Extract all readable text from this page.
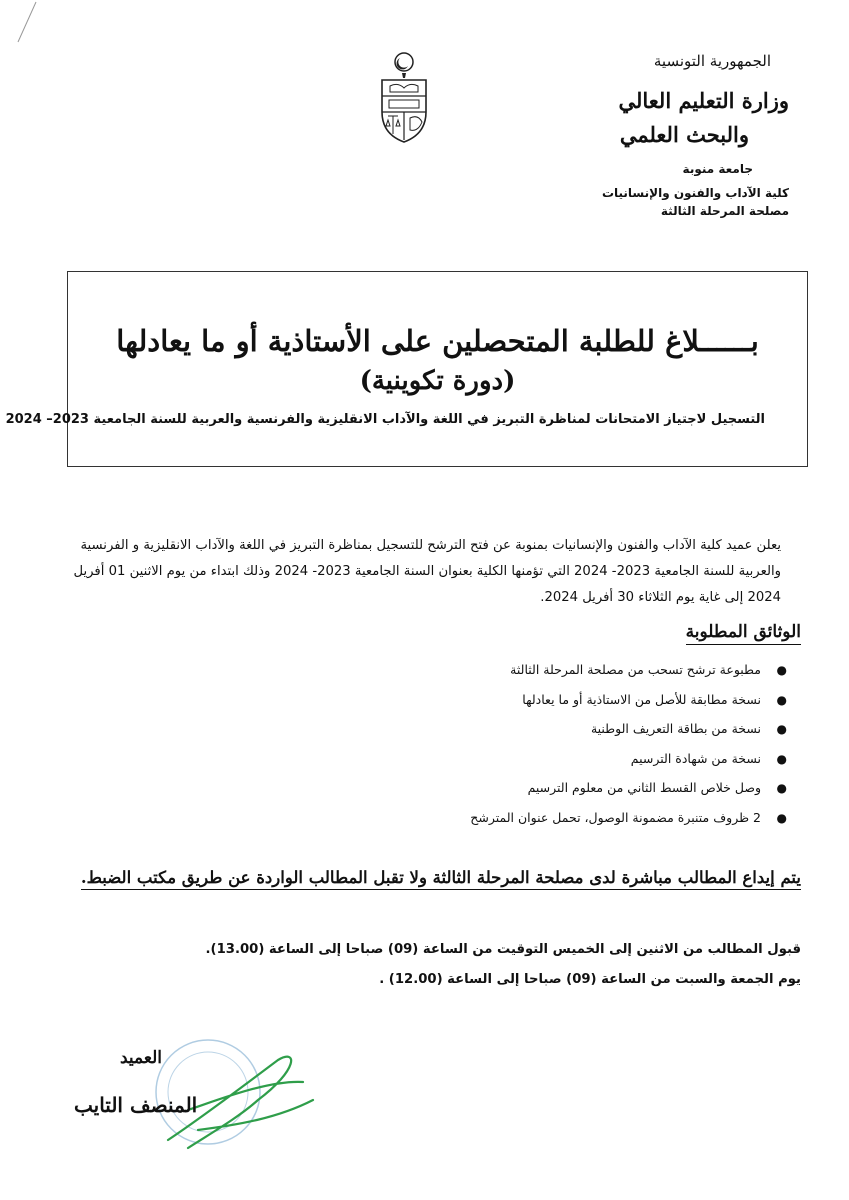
الجمهورية التونسية
وزارة التعليم العالي
والبحث العلمي
جامعة منوبة
كلية الآداب والفنون والإنسانيات
مصلحة المرحلة الثالثة
بــــــلاغ للطلبة المتحصلين على الأستاذية أو ما يعادلها
(دورة تكوينية)
التسجيل لاجتياز الامتحانات لمناظرة التبريز في اللغة والآداب الانقليزية والفرنسية والعربية للسنة الجامعية 2023– 2024
يعلن عميد كلية الآداب والفنون والإنسانيات بمنوبة عن فتح الترشح للتسجيل بمناظرة التبريز في اللغة والآداب الانقليزية و الفرنسية والعربية للسنة الجامعية 2023- 2024 التي تؤمنها الكلية بعنوان السنة الجامعية 2023- 2024 وذلك ابتداء من يوم الاثنين 01 أفريل 2024 إلى غاية يوم الثلاثاء 30 أفريل 2024.
الوثائق المطلوبة
●
مطبوعة ترشح تسحب من مصلحة المرحلة الثالثة
●
نسخة مطابقة للأصل من الاستاذية أو ما يعادلها
●
نسخة من بطاقة التعريف الوطنية
●
نسخة من شهادة الترسيم
●
وصل خلاص القسط الثاني من معلوم الترسيم
●
2 ظروف متنبرة مضمونة الوصول، تحمل عنوان المترشح
يتم إيداع المطالب مباشرة لدى مصلحة المرحلة الثالثة ولا تقبل المطالب الواردة عن طريق مكتب الضبط.
قبول المطالب من الاثنين إلى الخميس التوقيت من الساعة (09) صباحا إلى الساعة (13.00).
يوم الجمعة والسبت من الساعة (09) صباحا إلى الساعة (12.00) .
العميد
المنصف التايب
